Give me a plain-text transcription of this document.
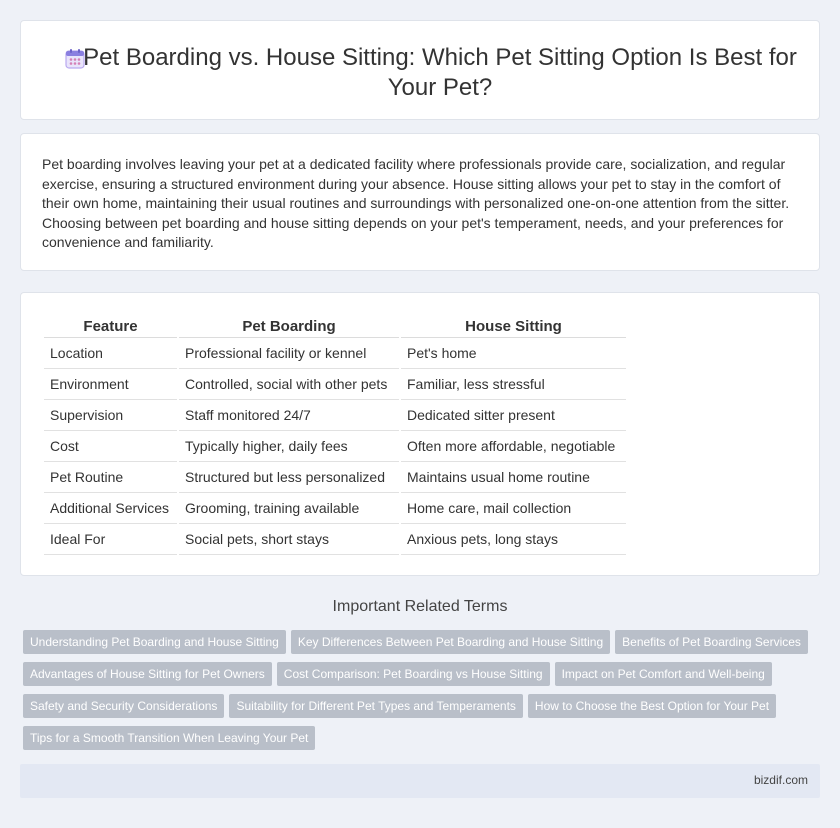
Pet Boarding vs. House Sitting: Which Pet Sitting Option Is Best for Your Pet?

Pet boarding involves leaving your pet at a dedicated facility where professionals provide care, socialization, and regular exercise, ensuring a structured environment during your absence. House sitting allows your pet to stay in the comfort of their own home, maintaining their usual routines and surroundings with personalized one-on-one attention from the sitter. Choosing between pet boarding and house sitting depends on your pet's temperament, needs, and your preferences for convenience and familiarity.

Feature	Pet Boarding	House Sitting
Location	Professional facility or kennel	Pet's home
Environment	Controlled, social with other pets	Familiar, less stressful
Supervision	Staff monitored 24/7	Dedicated sitter present
Cost	Typically higher, daily fees	Often more affordable, negotiable
Pet Routine	Structured but less personalized	Maintains usual home routine
Additional Services	Grooming, training available	Home care, mail collection
Ideal For	Social pets, short stays	Anxious pets, long stays
Important Related Terms
Understanding Pet Boarding and House Sitting Key Differences Between Pet Boarding and House Sitting Benefits of Pet Boarding Services
Advantages of House Sitting for Pet Owners Cost Comparison: Pet Boarding vs House Sitting Impact on Pet Comfort and Well-being
Safety and Security Considerations Suitability for Different Pet Types and Temperaments How to Choose the Best Option for Your Pet
Tips for a Smooth Transition When Leaving Your Pet
bizdif.com
